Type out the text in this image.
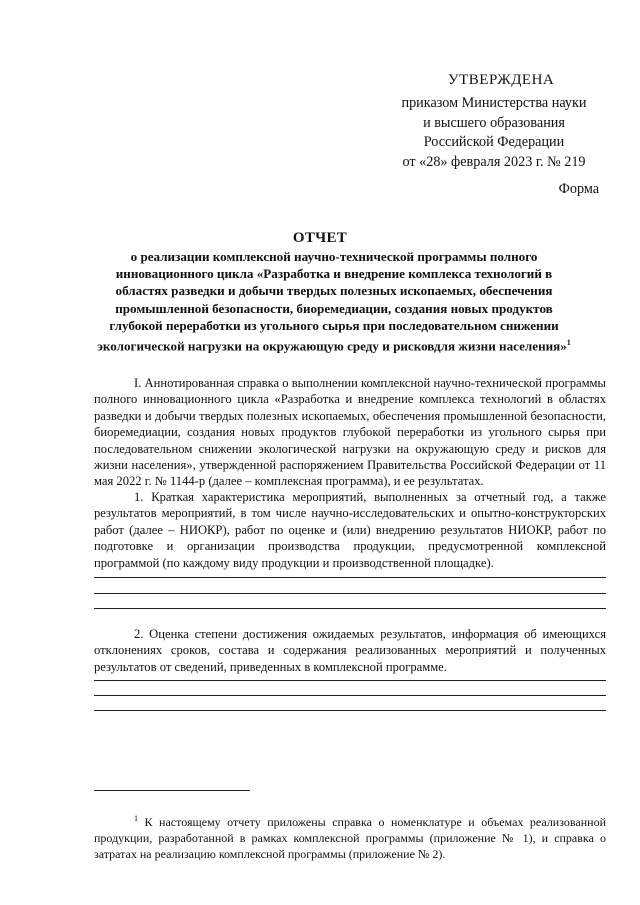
УТВЕРЖДЕНА
приказом Министерства науки
и высшего образования
Российской Федерации
от «28» февраля 2023 г. № 219
Форма
ОТЧЕТ
о реализации комплексной научно-технической программы полного инновационного цикла «Разработка и внедрение комплекса технологий в областях разведки и добычи твердых полезных ископаемых, обеспечения промышленной безопасности, биоремедиации, создания новых продуктов глубокой переработки из угольного сырья при последовательном снижении экологической нагрузки на окружающую среду и рисковдля жизни населения»$^1$
I. Аннотированная справка о выполнении комплексной научно-технической программы полного инновационного цикла «Разработка и внедрение комплекса технологий в областях разведки и добычи твердых полезных ископаемых, обеспечения промышленной безопасности, биоремедиации, создания новых продуктов глубокой переработки из угольного сырья при последовательном снижении экологической нагрузки на окружающую среду и рисков для жизни населения», утвержденной распоряжением Правительства Российской Федерации от 11 мая 2022 г. № 1144-р (далее – комплексная программа), и ее результатах.
1. Краткая характеристика мероприятий, выполненных за отчетный год, а также результатов мероприятий, в том числе научно-исследовательских и опытно-конструкторских работ (далее – НИОКР), работ по оценке и (или) внедрению результатов НИОКР, работ по подготовке и организации производства продукции, предусмотренной комплексной программой (по каждому виду продукции и производственной площадке).
2. Оценка степени достижения ожидаемых результатов, информация об имеющихся отклонениях сроков, состава и содержания реализованных мероприятий и полученных результатов от сведений, приведенных в комплексной программе.
$^1$ К настоящему отчету приложены справка о номенклатуре и объемах реализованной продукции, разработанной в рамках комплексной программы (приложение № 1), и справка о затратах на реализацию комплексной программы (приложение № 2).
